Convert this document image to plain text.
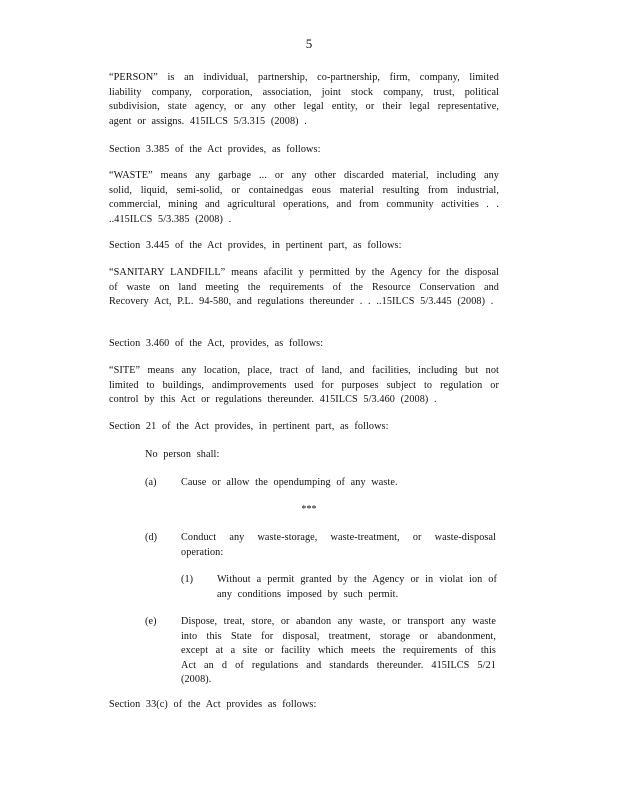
5

“PERSON” is an individual, partnership, co-partnership, firm, company, limited liability company, corporation, association, joint stock company, trust, political subdivision, state agency, or any other legal entity, or their legal representative, agent or assigns. 415ILCS 5/3.315 (2008) .

Section 3.385 of the Act provides, as follows:

“WASTE” means any garbage ... or any other discarded material, including any solid, liquid, semi-solid, or containedgas eous material resulting from industrial, commercial, mining and agricultural operations, and from community activities . . ..415ILCS 5/3.385 (2008) .

Section 3.445 of the Act provides, in pertinent part, as follows:

“SANITARY LANDFILL” means afacilit y permitted by the Agency for the disposal of waste on land meeting the requirements of the Resource Conservation and Recovery Act, P.L. 94-580, and regulations thereunder . . ..15ILCS 5/3.445 (2008) .

Section 3.460 of the Act, provides, as follows:

“SITE” means any location, place, tract of land, and facilities, including but not limited to buildings, andimprovements used for purposes subject to regulation or control by this Act or regulations thereunder. 415ILCS 5/3.460 (2008) .

Section 21 of the Act provides, in pertinent part, as follows:

No person shall:

(a)	Cause or allow the opendumping of any waste.

***

(d)	Conduct any waste-storage, waste-treatment, or waste-disposal operation:

(1)	Without a permit granted by the Agency or in violat ion of any conditions imposed by such permit.

(e)	Dispose, treat, store, or abandon any waste, or transport any waste into this State for disposal, treatment, storage or abandonment, except at a site or facility which meets the requirements of this Act an d of regulations and standards thereunder. 415ILCS 5/21 (2008).

Section 33(c) of the Act provides as follows:
